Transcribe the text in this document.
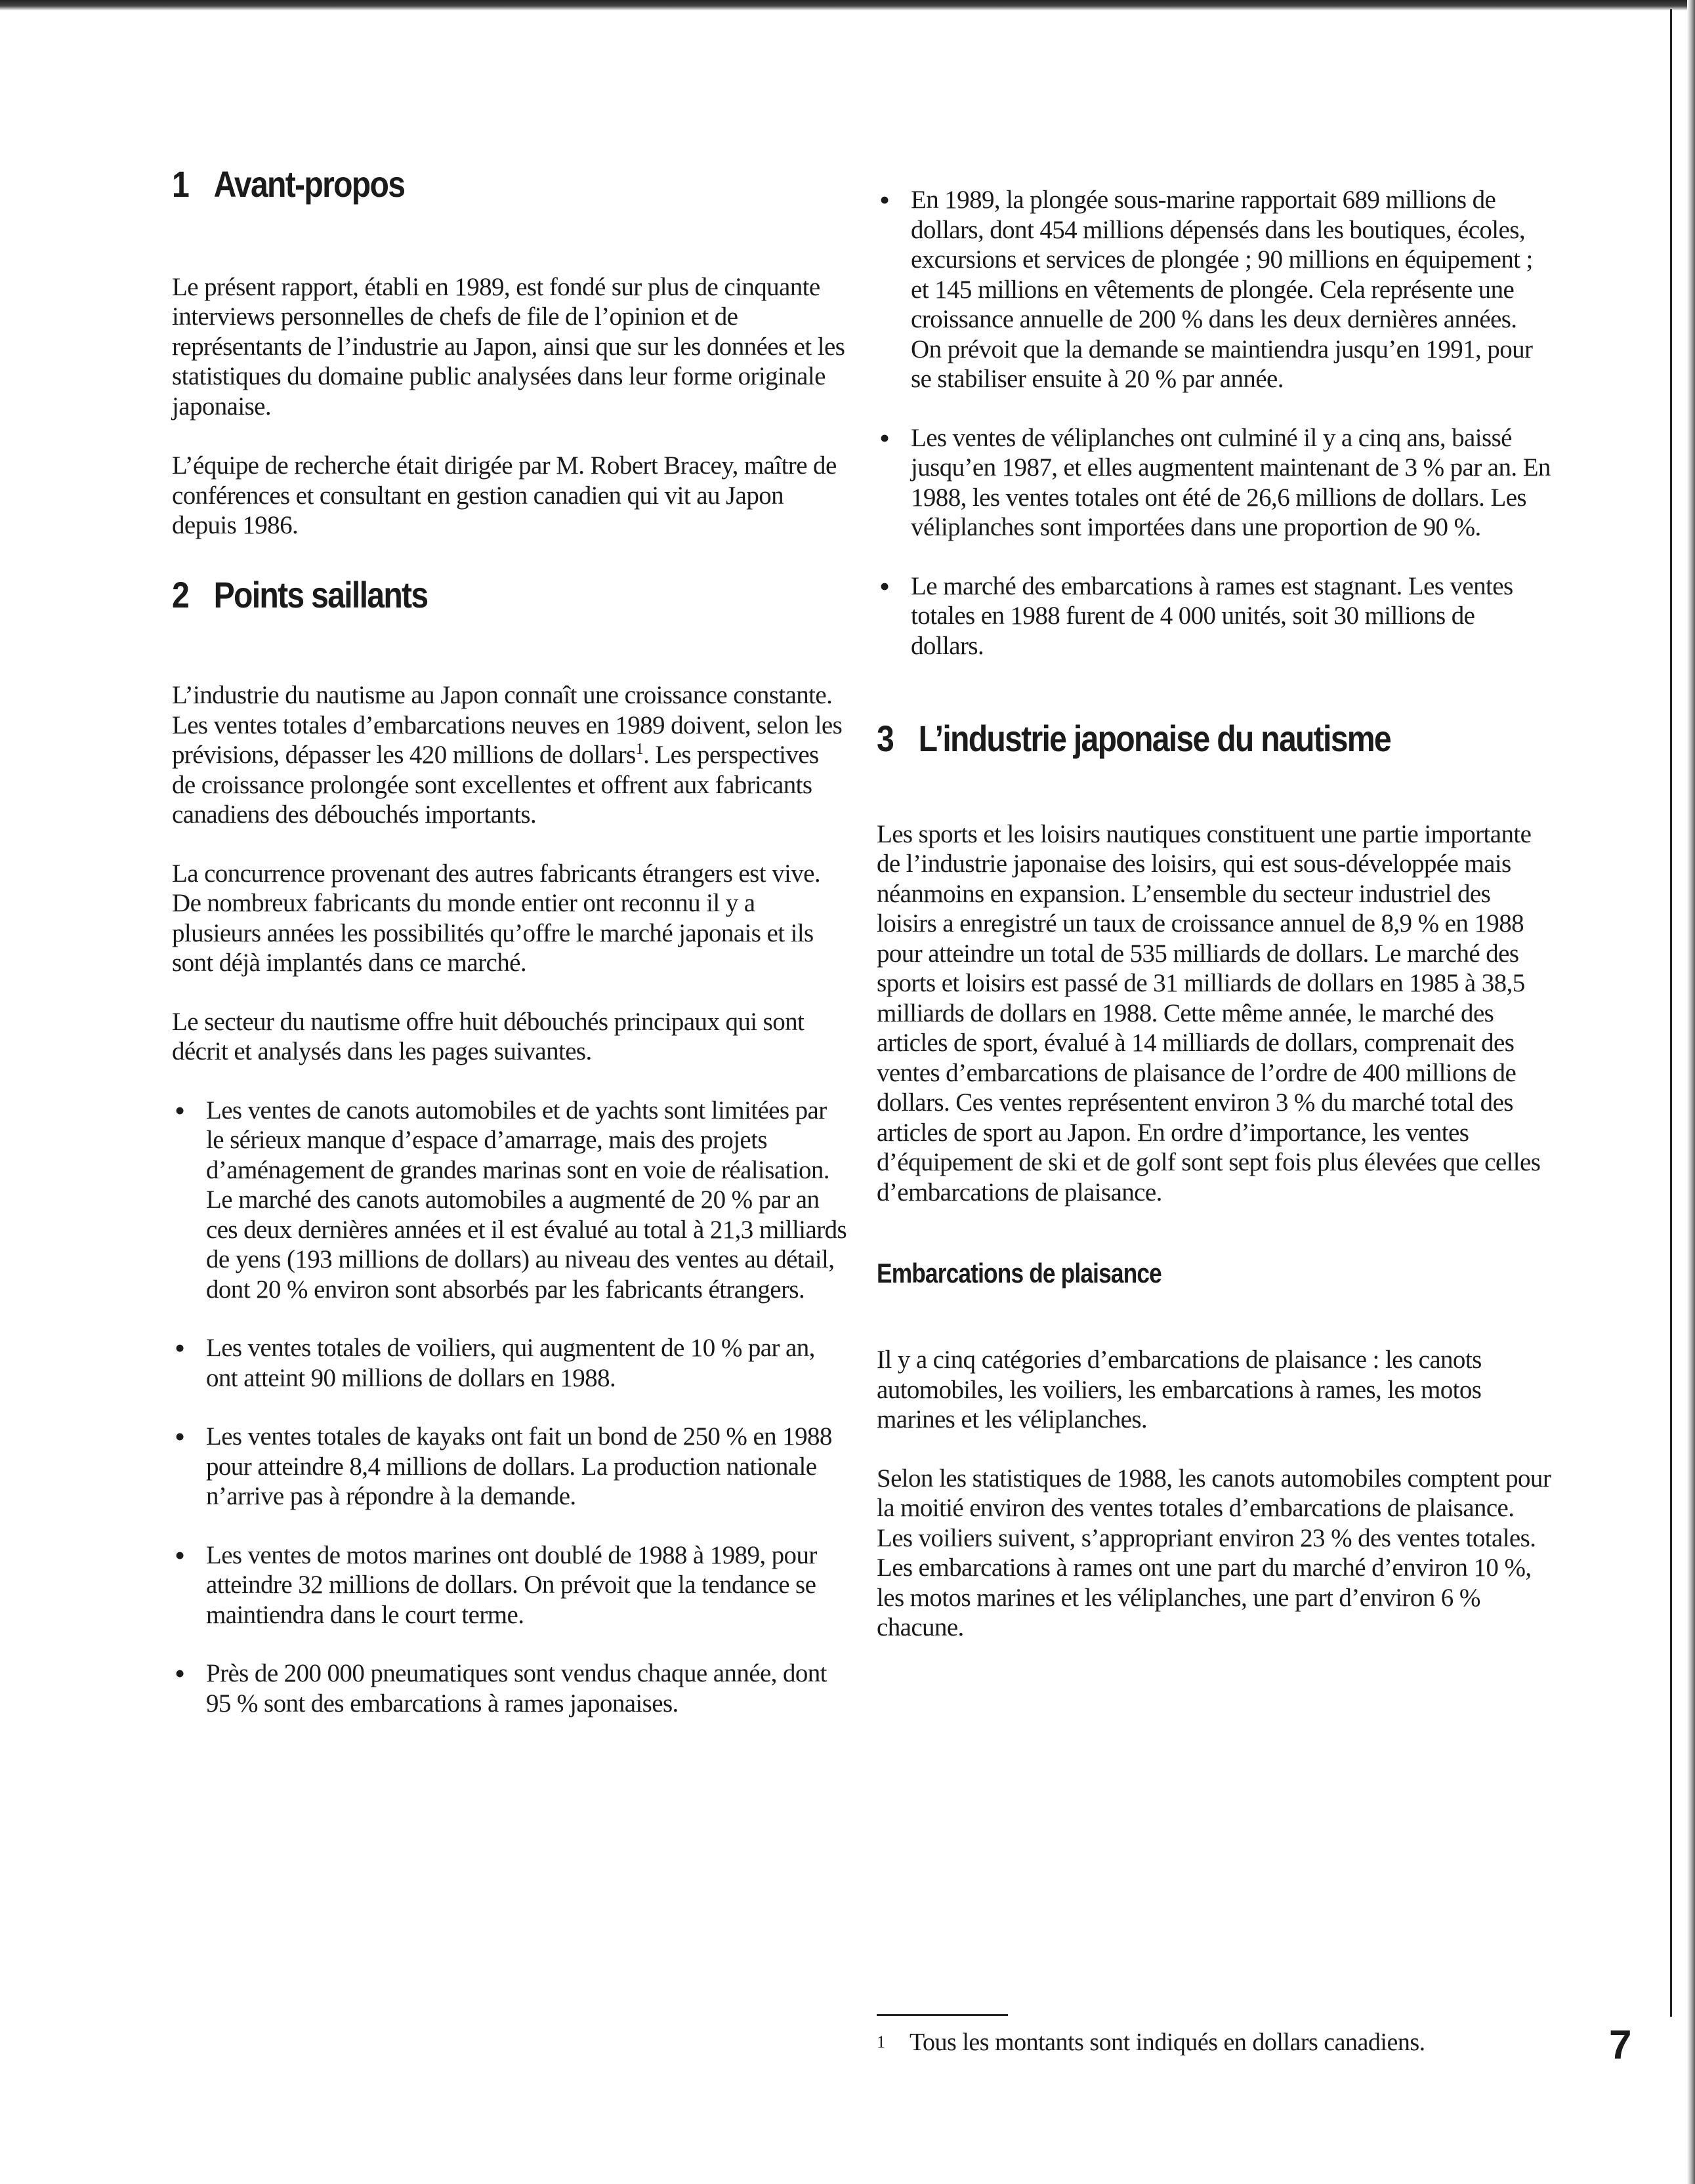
1 Avant-propos

Le présent rapport, établi en 1989, est fondé sur plus de cinquante interviews personnelles de chefs de file de l’opinion et de représentants de l’industrie au Japon, ainsi que sur les données et les statistiques du domaine public analysées dans leur forme originale japonaise.

L’équipe de recherche était dirigée par M. Robert Bracey, maître de conférences et consultant en gestion canadien qui vit au Japon depuis 1986.

2 Points saillants

L’industrie du nautisme au Japon connaît une croissance constante. Les ventes totales d’embarcations neuves en 1989 doivent, selon les prévisions, dépasser les 420 millions de dollars$^1$. Les perspectives de croissance prolongée sont excellentes et offrent aux fabricants canadiens des débouchés importants.

La concurrence provenant des autres fabricants étrangers est vive. De nombreux fabricants du monde entier ont reconnu il y a plusieurs années les possibilités qu’offre le marché japonais et ils sont déjà implantés dans ce marché.

Le secteur du nautisme offre huit débouchés principaux qui sont décrit et analysés dans les pages suivantes.

• Les ventes de canots automobiles et de yachts sont limitées par le sérieux manque d’espace d’amarrage, mais des projets d’aménagement de grandes marinas sont en voie de réalisation. Le marché des canots automobiles a augmenté de 20 % par an ces deux dernières années et il est évalué au total à 21,3 milliards de yens (193 millions de dollars) au niveau des ventes au détail, dont 20 % environ sont absorbés par les fabricants étrangers.
• Les ventes totales de voiliers, qui augmentent de 10 % par an, ont atteint 90 millions de dollars en 1988.
• Les ventes totales de kayaks ont fait un bond de 250 % en 1988 pour atteindre 8,4 millions de dollars. La production nationale n’arrive pas à répondre à la demande.
• Les ventes de motos marines ont doublé de 1988 à 1989, pour atteindre 32 millions de dollars. On prévoit que la tendance se maintiendra dans le court terme.
• Près de 200 000 pneumatiques sont vendus chaque année, dont 95 % sont des embarcations à rames japonaises.
• En 1989, la plongée sous-marine rapportait 689 millions de dollars, dont 454 millions dépensés dans les boutiques, écoles, excursions et services de plongée ; 90 millions en équipement ; et 145 millions en vêtements de plongée. Cela représente une croissance annuelle de 200 % dans les deux dernières années. On prévoit que la demande se maintiendra jusqu’en 1991, pour se stabiliser ensuite à 20 % par année.
• Les ventes de véliplanches ont culminé il y a cinq ans, baissé jusqu’en 1987, et elles augmentent maintenant de 3 % par an. En 1988, les ventes totales ont été de 26,6 millions de dollars. Les véliplanches sont importées dans une proportion de 90 %.
• Le marché des embarcations à rames est stagnant. Les ventes totales en 1988 furent de 4 000 unités, soit 30 millions de dollars.
3 L’industrie japonaise du nautisme

Les sports et les loisirs nautiques constituent une partie importante de l’industrie japonaise des loisirs, qui est sous-développée mais néanmoins en expansion. L’ensemble du secteur industriel des loisirs a enregistré un taux de croissance annuel de 8,9 % en 1988 pour atteindre un total de 535 milliards de dollars. Le marché des sports et loisirs est passé de 31 milliards de dollars en 1985 à 38,5 milliards de dollars en 1988. Cette même année, le marché des articles de sport, évalué à 14 milliards de dollars, comprenait des ventes d’embarcations de plaisance de l’ordre de 400 millions de dollars. Ces ventes représentent environ 3 % du marché total des articles de sport au Japon. En ordre d’importance, les ventes d’équipement de ski et de golf sont sept fois plus élevées que celles d’embarcations de plaisance.

Embarcations de plaisance

Il y a cinq catégories d’embarcations de plaisance : les canots automobiles, les voiliers, les embarcations à rames, les motos marines et les véliplanches.

Selon les statistiques de 1988, les canots automobiles comptent pour la moitié environ des ventes totales d’embarcations de plaisance. Les voiliers suivent, s’appropriant environ 23 % des ventes totales. Les embarcations à rames ont une part du marché d’environ 10 %, les motos marines et les véliplanches, une part d’environ 6 % chacune.

1 Tous les montants sont indiqués en dollars canadiens.	7
